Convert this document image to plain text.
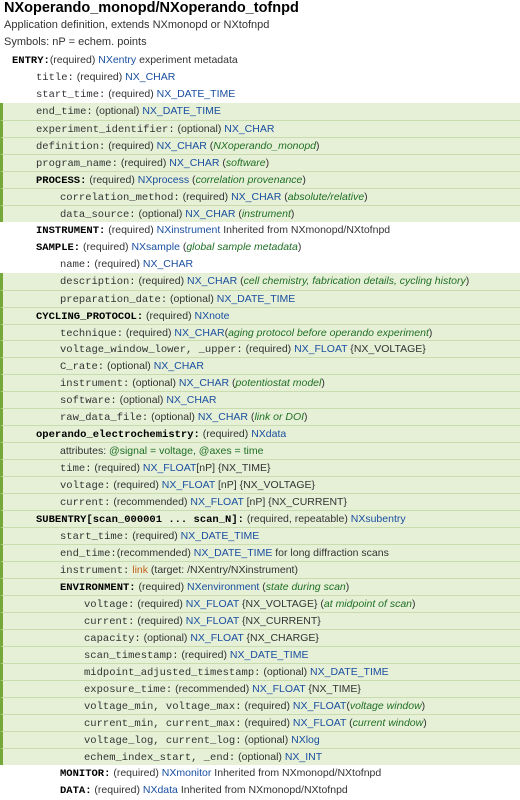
NXoperando_monopd/NXoperando_tofnpd
Application definition, extends NXmonopd or NXtofnpd
Symbols: nP = echem. points
ENTRY:(required) NXentry experiment metadata
title: (required) NX_CHAR
start_time: (required) NX_DATE_TIME
end_time: (optional) NX_DATE_TIME
experiment_identifier: (optional) NX_CHAR
definition: (required) NX_CHAR (NXoperando_monopd)
program_name: (required) NX_CHAR (software)
PROCESS: (required) NXprocess (correlation provenance)
correlation_method: (required) NX_CHAR (absolute/relative)
data_source: (optional) NX_CHAR (instrument)
INSTRUMENT: (required) NXinstrument Inherited from NXmonopd/NXtofnpd
SAMPLE: (required) NXsample (global sample metadata)
name: (required) NX_CHAR
description: (required) NX_CHAR (cell chemistry, fabrication details, cycling history)
preparation_date: (optional) NX_DATE_TIME
CYCLING_PROTOCOL: (required) NXnote
technique: (required) NX_CHAR(aging protocol before operando experiment)
voltage_window_lower, _upper: (required) NX_FLOAT {NX_VOLTAGE}
C_rate: (optional) NX_CHAR
instrument: (optional) NX_CHAR (potentiostat model)
software: (optional) NX_CHAR
raw_data_file: (optional) NX_CHAR (link or DOI)
operando_electrochemistry: (required) NXdata
attributes: @signal = voltage, @axes = time
time: (required) NX_FLOAT[nP] {NX_TIME}
voltage: (required) NX_FLOAT [nP] {NX_VOLTAGE}
current: (recommended) NX_FLOAT [nP] {NX_CURRENT}
SUBENTRY[scan_000001 ... scan_N]: (required, repeatable) NXsubentry
start_time: (required) NX_DATE_TIME
end_time:(recommended) NX_DATE_TIME for long diffraction scans
instrument: link (target: /NXentry/NXinstrument)
ENVIRONMENT: (required) NXenvironment (state during scan)
voltage: (required) NX_FLOAT {NX_VOLTAGE} (at midpoint of scan)
current: (required) NX_FLOAT {NX_CURRENT}
capacity: (optional) NX_FLOAT {NX_CHARGE}
scan_timestamp: (required) NX_DATE_TIME
midpoint_adjusted_timestamp: (optional) NX_DATE_TIME
exposure_time: (recommended) NX_FLOAT {NX_TIME}
voltage_min, voltage_max: (required) NX_FLOAT(voltage window)
current_min, current_max: (required) NX_FLOAT (current window)
voltage_log, current_log: (optional) NXlog
echem_index_start, _end: (optional) NX_INT
MONITOR: (required) NXmonitor Inherited from NXmonopd/NXtofnpd
DATA: (required) NXdata Inherited from NXmonopd/NXtofnpd
